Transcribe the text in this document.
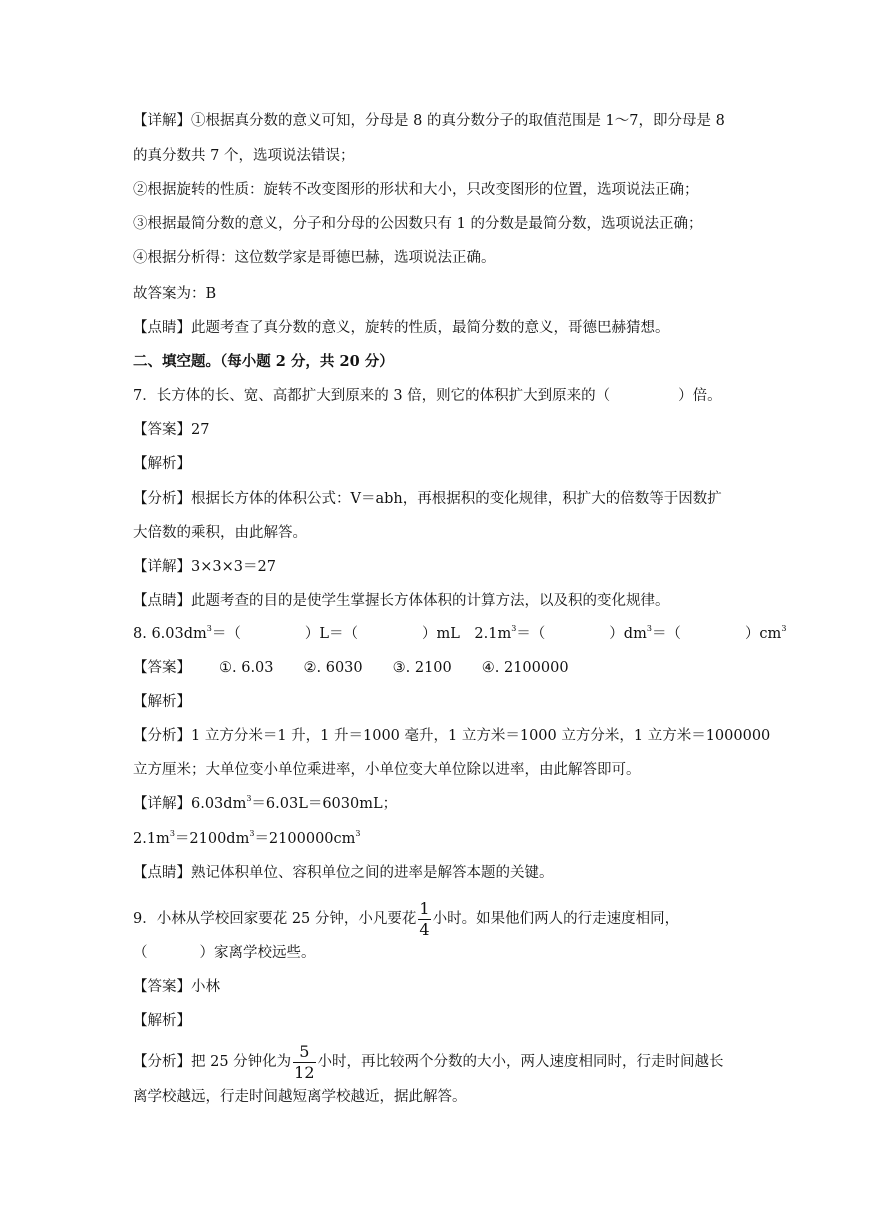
【详解】①根据真分数的意义可知，分母是 8 的真分数分子的取值范围是 1～7，即分母是 8
的真分数共 7 个，选项说法错误；
②根据旋转的性质：旋转不改变图形的形状和大小，只改变图形的位置，选项说法正确；
③根据最简分数的意义，分子和分母的公因数只有 1 的分数是最简分数，选项说法正确；
④根据分析得：这位数学家是哥德巴赫，选项说法正确。
故答案为：B
【点睛】此题考查了真分数的意义，旋转的性质，最简分数的意义，哥德巴赫猜想。
二、填空题。（每小题 2 分，共 20 分）
7．长方体的长、宽、高都扩大到原来的 3 倍，则它的体积扩大到原来的（	）倍。
【答案】27
【解析】
【分析】根据长方体的体积公式：V＝abh，再根据积的变化规律，积扩大的倍数等于因数扩
大倍数的乘积，由此解答。
【详解】3×3×3＝27
【点睛】此题考查的目的是使学生掌握长方体体积的计算方法，以及积的变化规律。
8. $6.03dm^3=$（	）L＝（	）mL　$2.1m^3=$（	）$dm^3=$（	）$cm^3$
【答案】 ①. 6.03 ②. 6030 ③. 2100 ④. 2100000
【解析】
【分析】1 立方分米＝1 升，1 升＝1000 毫升，1 立方米＝1000 立方分米，1 立方米＝1000000
立方厘米；大单位变小单位乘进率，小单位变大单位除以进率，由此解答即可。
【详解】$6.03dm^3=6.03L=6030mL$；
$2.1m^3=2100dm^3=2100000cm^3$
【点睛】熟记体积单位、容积单位之间的进率是解答本题的关键。
9．小林从学校回家要花 25 分钟，小凡要花 $\frac{1}{4}$ 小时。如果他们两人的行走速度相同，
（	）家离学校远些。
【答案】小林
【解析】
【分析】把 25 分钟化为 $\frac{5}{12}$ 小时，再比较两个分数的大小，两人速度相同时，行走时间越长
离学校越远，行走时间越短离学校越近，据此解答。
